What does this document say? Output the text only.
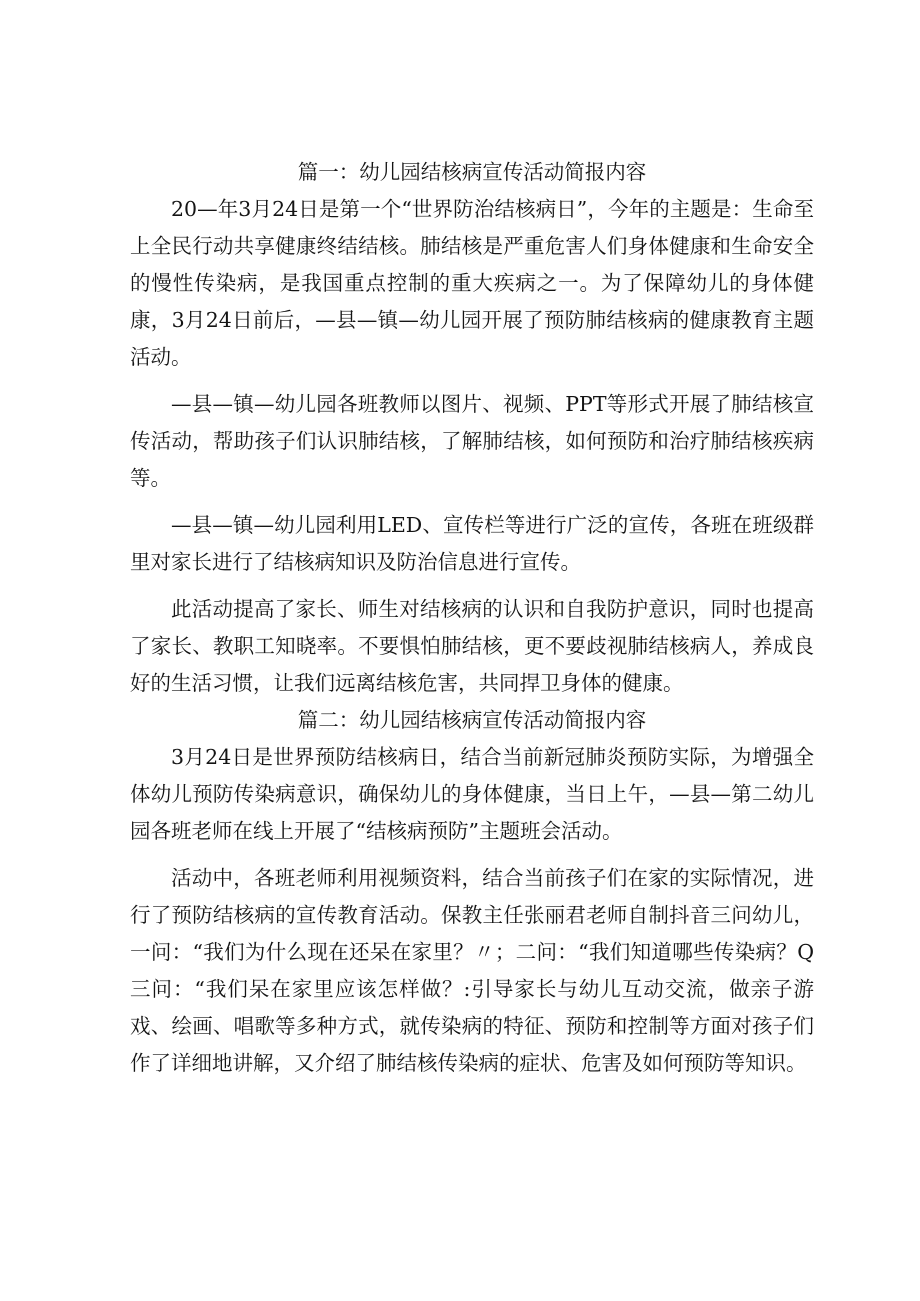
篇一：幼儿园结核病宣传活动简报内容

20—年3月24日是第一个“世界防治结核病日”，今年的主题是：生命至上全民行动共享健康终结结核。肺结核是严重危害人们身体健康和生命安全的慢性传染病，是我国重点控制的重大疾病之一。为了保障幼儿的身体健康，3月24日前后，—县—镇—幼儿园开展了预防肺结核病的健康教育主题活动。

—县—镇—幼儿园各班教师以图片、视频、PPT等形式开展了肺结核宣传活动，帮助孩子们认识肺结核，了解肺结核，如何预防和治疗肺结核疾病等。

—县—镇—幼儿园利用LED、宣传栏等进行广泛的宣传，各班在班级群里对家长进行了结核病知识及防治信息进行宣传。

此活动提高了家长、师生对结核病的认识和自我防护意识，同时也提高了家长、教职工知晓率。不要惧怕肺结核，更不要歧视肺结核病人，养成良好的生活习惯，让我们远离结核危害，共同捍卫身体的健康。

篇二：幼儿园结核病宣传活动简报内容

3月24日是世界预防结核病日，结合当前新冠肺炎预防实际，为增强全体幼儿预防传染病意识，确保幼儿的身体健康，当日上午，—县—第二幼儿园各班老师在线上开展了“结核病预防”主题班会活动。

活动中，各班老师利用视频资料，结合当前孩子们在家的实际情况，进行了预防结核病的宣传教育活动。保教主任张丽君老师自制抖音三问幼儿，一问：“我们为什么现在还呆在家里？〃；二问：“我们知道哪些传染病？Q三问：“我们呆在家里应该怎样做？:引导家长与幼儿互动交流，做亲子游戏、绘画、唱歌等多种方式，就传染病的特征、预防和控制等方面对孩子们作了详细地讲解，又介绍了肺结核传染病的症状、危害及如何预防等知识。
